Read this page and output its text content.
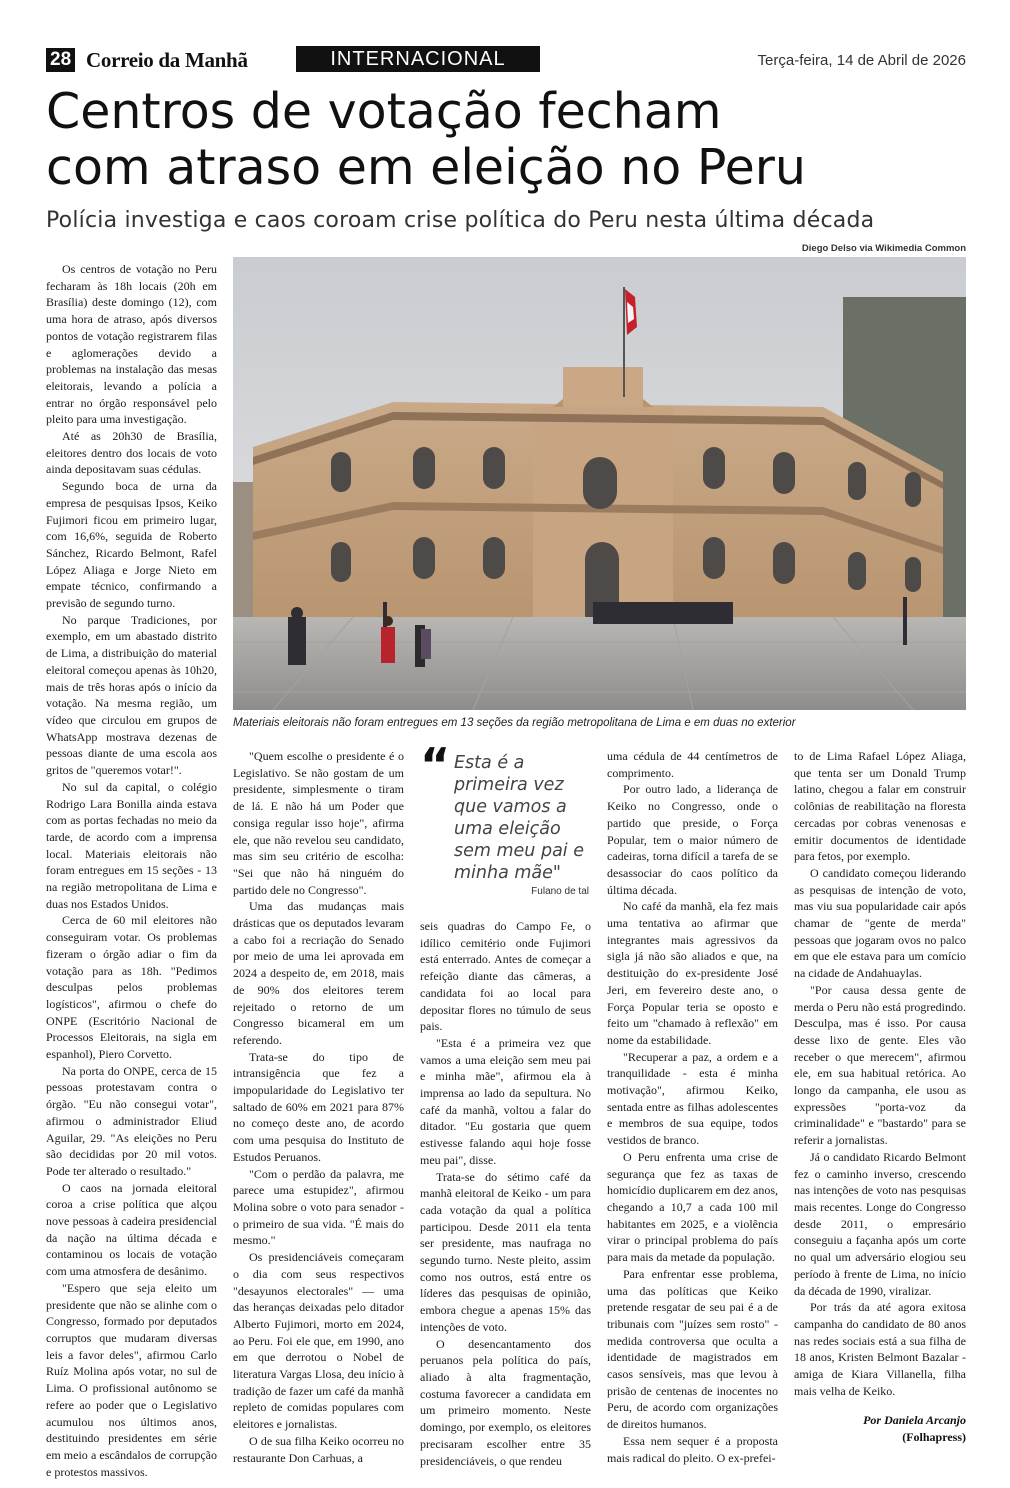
28 Correio da Manhã	INTERNACIONAL	Terça-feira, 14 de Abril de 2026
Centros de votação fecham
com atraso em eleição no Peru
Polícia investiga e caos coroam crise política do Peru nesta última década
Diego Delso via Wikimedia Common
Materiais eleitorais não foram entregues em 13 seções da região metropolitana de Lima e em duas no exterior

Os centros de votação no Peru fecharam às 18h locais (20h em Brasília) deste domingo (12), com uma hora de atraso, após diversos pontos de votação registrarem filas e aglomerações devido a problemas na instalação das mesas eleitorais, levando a polícia a entrar no órgão responsável pelo pleito para uma investigação.

Até as 20h30 de Brasília, eleitores dentro dos locais de voto ainda depositavam suas cédulas.

Segundo boca de urna da empresa de pesquisas Ipsos, Keiko Fujimori ficou em primeiro lugar, com 16,6%, seguida de Roberto Sánchez, Ricardo Belmont, Rafel López Aliaga e Jorge Nieto em empate técnico, confirmando a previsão de segundo turno.

No parque Tradiciones, por exemplo, em um abastado distrito de Lima, a distribuição do material eleitoral começou apenas às 10h20, mais de três horas após o início da votação. Na mesma região, um vídeo que circulou em grupos de WhatsApp mostrava dezenas de pessoas diante de uma escola aos gritos de "queremos votar!".

No sul da capital, o colégio Rodrigo Lara Bonilla ainda estava com as portas fechadas no meio da tarde, de acordo com a imprensa local. Materiais eleitorais não foram entregues em 15 seções - 13 na região metropolitana de Lima e duas nos Estados Unidos.

Cerca de 60 mil eleitores não conseguiram votar. Os problemas fizeram o órgão adiar o fim da votação para as 18h. "Pedimos desculpas pelos problemas logísticos", afirmou o chefe do ONPE (Escritório Nacional de Processos Eleitorais, na sigla em espanhol), Piero Corvetto.

Na porta do ONPE, cerca de 15 pessoas protestavam contra o órgão. "Eu não consegui votar", afirmou o administrador Eliud Aguilar, 29. "As eleições no Peru são decididas por 20 mil votos. Pode ter alterado o resultado."

O caos na jornada eleitoral coroa a crise política que alçou nove pessoas à cadeira presidencial da nação na última década e contaminou os locais de votação com uma atmosfera de desânimo.

"Espero que seja eleito um presidente que não se alinhe com o Congresso, formado por deputados corruptos que mudaram diversas leis a favor deles", afirmou Carlo Ruíz Molina após votar, no sul de Lima. O profissional autônomo se refere ao poder que o Legislativo acumulou nos últimos anos, destituindo presidentes em série em meio a escândalos de corrupção e protestos massivos.

"Quem escolhe o presidente é o Legislativo. Se não gostam de um presidente, simplesmente o tiram de lá. E não há um Poder que consiga regular isso hoje", afirma ele, que não revelou seu candidato, mas sim seu critério de escolha: "Sei que não há ninguém do partido dele no Congresso".

Uma das mudanças mais drásticas que os deputados levaram a cabo foi a recriação do Senado por meio de uma lei aprovada em 2024 a despeito de, em 2018, mais de 90% dos eleitores terem rejeitado o retorno de um Congresso bicameral em um referendo.

Trata-se do tipo de intransigência que fez a impopularidade do Legislativo ter saltado de 60% em 2021 para 87% no começo deste ano, de acordo com uma pesquisa do Instituto de Estudos Peruanos.

"Com o perdão da palavra, me parece uma estupidez", afirmou Molina sobre o voto para senador - o primeiro de sua vida. "É mais do mesmo."

Os presidenciáveis começaram o dia com seus respectivos "desayunos electorales" — uma das heranças deixadas pelo ditador Alberto Fujimori, morto em 2024, ao Peru. Foi ele que, em 1990, ano em que derrotou o Nobel de literatura Vargas Llosa, deu início à tradição de fazer um café da manhã repleto de comidas populares com eleitores e jornalistas.

O de sua filha Keiko ocorreu no restaurante Don Carhuas, a

“ Esta é a primeira vez que vamos a uma eleição sem meu pai e minha mãe"
Fulano de tal

seis quadras do Campo Fe, o idílico cemitério onde Fujimori está enterrado. Antes de começar a refeição diante das câmeras, a candidata foi ao local para depositar flores no túmulo de seus pais.

"Esta é a primeira vez que vamos a uma eleição sem meu pai e minha mãe", afirmou ela à imprensa ao lado da sepultura. No café da manhã, voltou a falar do ditador. "Eu gostaria que quem estivesse falando aqui hoje fosse meu pai", disse.

Trata-se do sétimo café da manhã eleitoral de Keiko - um para cada votação da qual a política participou. Desde 2011 ela tenta ser presidente, mas naufraga no segundo turno. Neste pleito, assim como nos outros, está entre os líderes das pesquisas de opinião, embora chegue a apenas 15% das intenções de voto.

O desencantamento dos peruanos pela política do país, aliado à alta fragmentação, costuma favorecer a candidata em um primeiro momento. Neste domingo, por exemplo, os eleitores precisaram escolher entre 35 presidenciáveis, o que rendeu

uma cédula de 44 centímetros de comprimento.

Por outro lado, a liderança de Keiko no Congresso, onde o partido que preside, o Força Popular, tem o maior número de cadeiras, torna difícil a tarefa de se desassociar do caos político da última década.

No café da manhã, ela fez mais uma tentativa ao afirmar que integrantes mais agressivos da sigla já não são aliados e que, na destituição do ex-presidente José Jeri, em fevereiro deste ano, o Força Popular teria se oposto e feito um "chamado à reflexão" em nome da estabilidade.

"Recuperar a paz, a ordem e a tranquilidade - esta é minha motivação", afirmou Keiko, sentada entre as filhas adolescentes e membros de sua equipe, todos vestidos de branco.

O Peru enfrenta uma crise de segurança que fez as taxas de homicídio duplicarem em dez anos, chegando a 10,7 a cada 100 mil habitantes em 2025, e a violência virar o principal problema do país para mais da metade da população.

Para enfrentar esse problema, uma das políticas que Keiko pretende resgatar de seu pai é a de tribunais com "juízes sem rosto" - medida controversa que oculta a identidade de magistrados em casos sensíveis, mas que levou à prisão de centenas de inocentes no Peru, de acordo com organizações de direitos humanos.

Essa nem sequer é a proposta mais radical do pleito. O ex-prefei-

to de Lima Rafael López Aliaga, que tenta ser um Donald Trump latino, chegou a falar em construir colônias de reabilitação na floresta cercadas por cobras venenosas e emitir documentos de identidade para fetos, por exemplo.

O candidato começou liderando as pesquisas de intenção de voto, mas viu sua popularidade cair após chamar de "gente de merda" pessoas que jogaram ovos no palco em que ele estava para um comício na cidade de Andahuaylas.

"Por causa dessa gente de merda o Peru não está progredindo. Desculpa, mas é isso. Por causa desse lixo de gente. Eles vão receber o que merecem", afirmou ele, em sua habitual retórica. Ao longo da campanha, ele usou as expressões "porta-voz da criminalidade" e "bastardo" para se referir a jornalistas.

Já o candidato Ricardo Belmont fez o caminho inverso, crescendo nas intenções de voto nas pesquisas mais recentes. Longe do Congresso desde 2011, o empresário conseguiu a façanha após um corte no qual um adversário elogiou seu período à frente de Lima, no início da década de 1990, viralizar.

Por trás da até agora exitosa campanha do candidato de 80 anos nas redes sociais está a sua filha de 18 anos, Kristen Belmont Bazalar - amiga de Kiara Villanella, filha mais velha de Keiko.

Por Daniela Arcanjo
(Folhapress)
